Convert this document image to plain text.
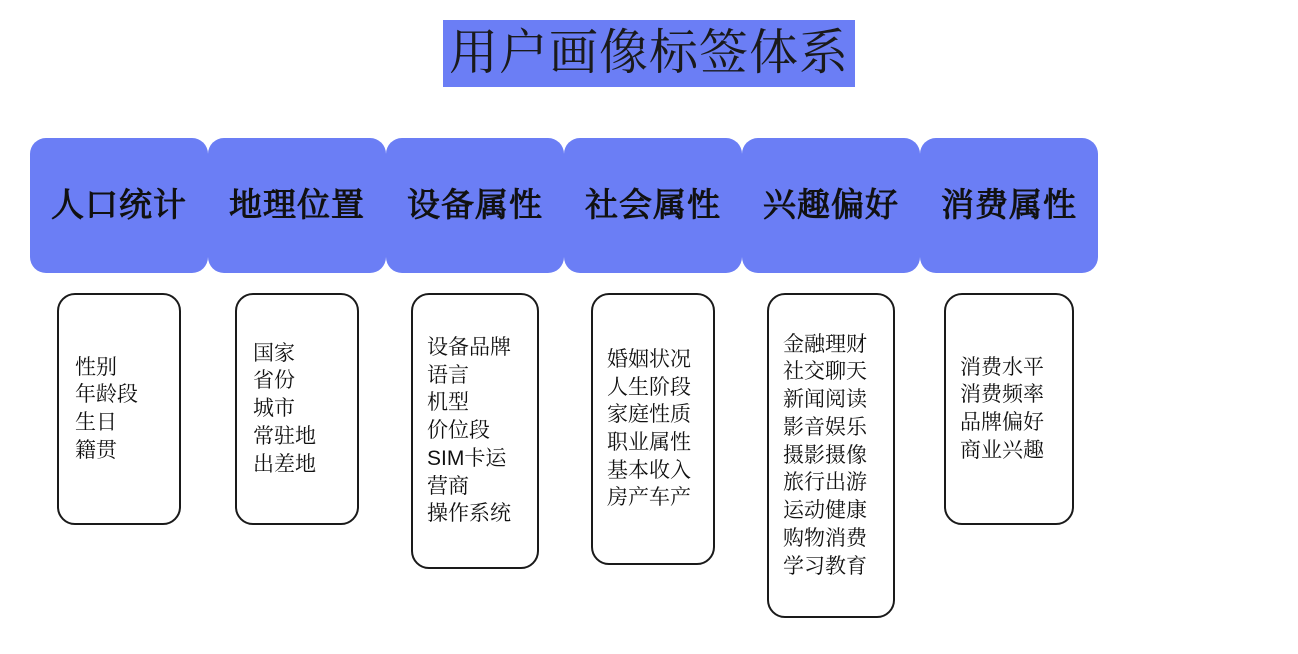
用户画像标签体系
人口统计
性别
年龄段
生日
籍贯
地理位置
国家
省份
城市
常驻地
出差地
设备属性
设备品牌
语言
机型
价位段
SIM卡运
营商
操作系统
社会属性
婚姻状况
人生阶段
家庭性质
职业属性
基本收入
房产车产
兴趣偏好
金融理财
社交聊天
新闻阅读
影音娱乐
摄影摄像
旅行出游
运动健康
购物消费
学习教育
消费属性
消费水平
消费频率
品牌偏好
商业兴趣
